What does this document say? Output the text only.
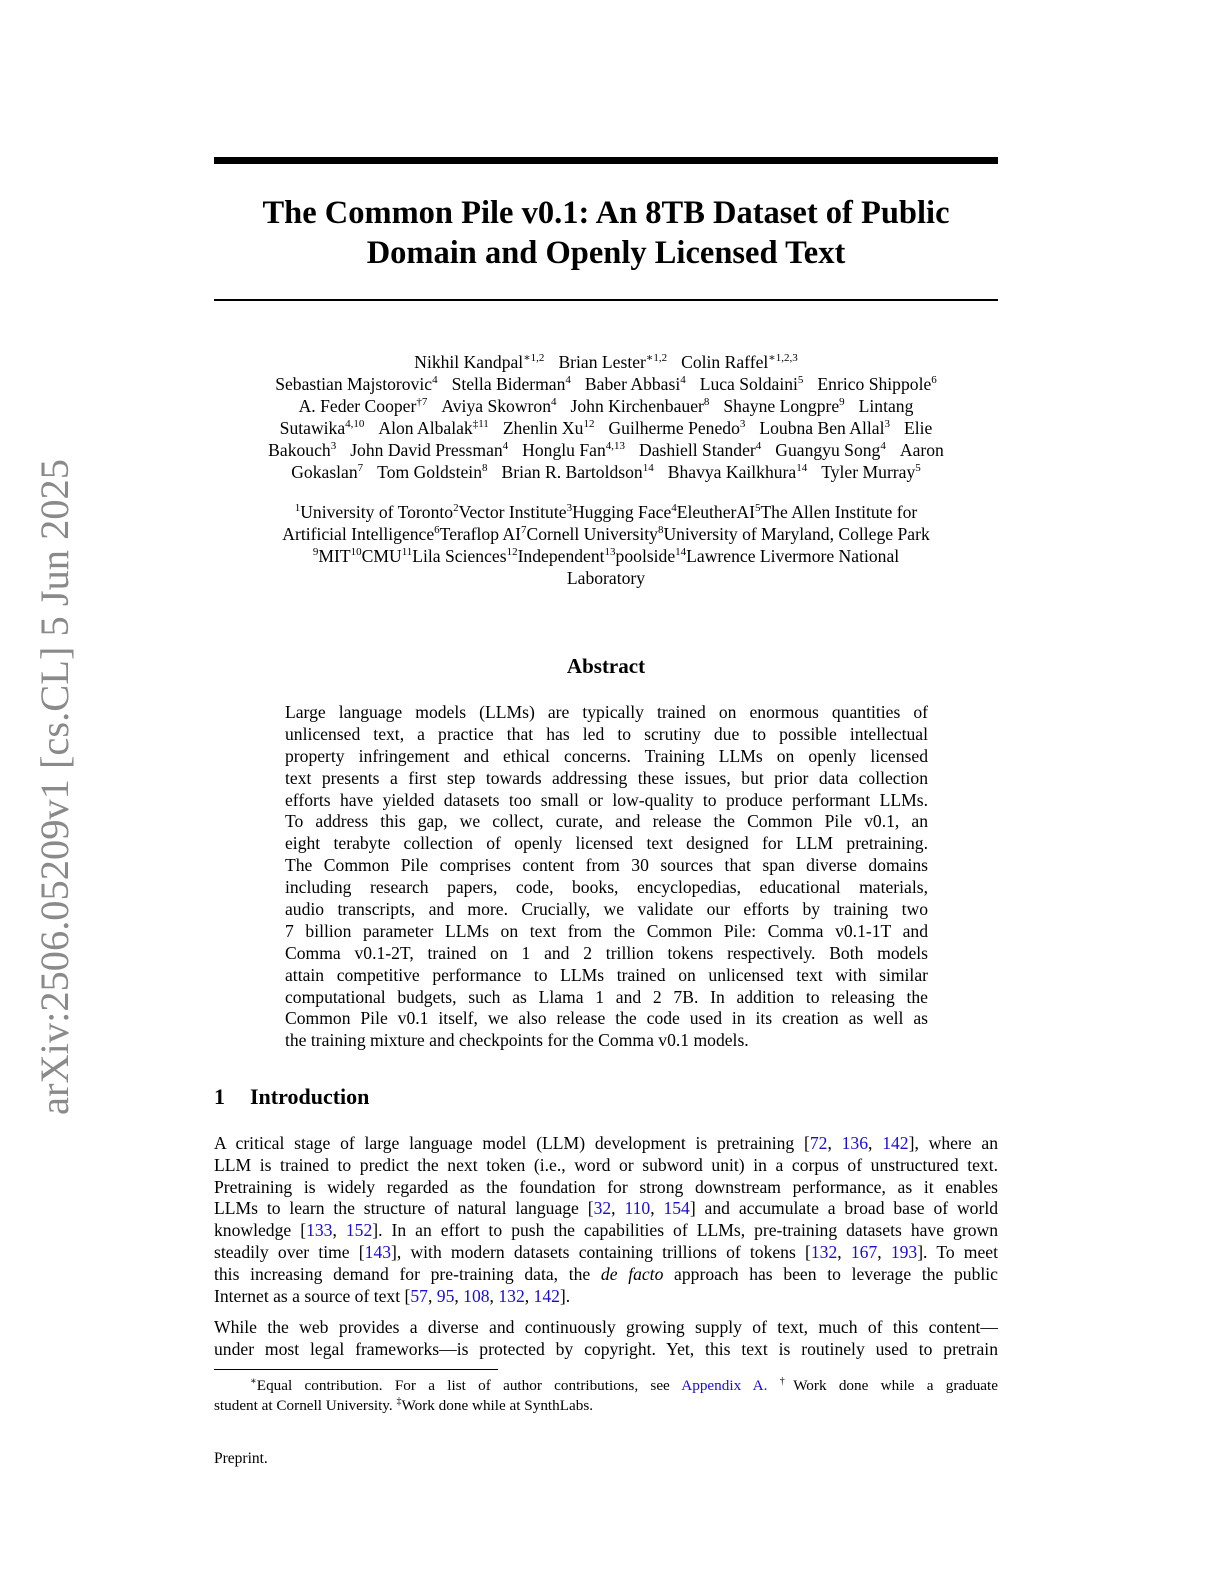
arXiv:2506.05209v1 [cs.CL] 5 Jun 2025
The Common Pile v0.1: An 8TB Dataset of Public
Domain and Openly Licensed Text
Nikhil Kandpal$^{∗1,2}$ Brian Lester$^{∗1,2}$ Colin Raffel$^{∗1,2,3}$
Sebastian Majstorovic$^4$ Stella Biderman$^4$ Baber Abbasi$^4$ Luca Soldaini$^5$ Enrico Shippole$^6$
A. Feder Cooper$^{\dagger 7}$ Aviya Skowron$^4$ John Kirchenbauer$^8$ Shayne Longpre$^9$ Lintang
Sutawika$^{4,10}$ Alon Albalak$^{\ddagger 11}$ Zhenlin Xu$^{12}$ Guilherme Penedo$^3$ Loubna Ben Allal$^3$ Elie
Bakouch$^3$ John David Pressman$^4$ Honglu Fan$^{4,13}$ Dashiell Stander$^4$ Guangyu Song$^4$ Aaron
Gokaslan$^7$ Tom Goldstein$^8$ Brian R. Bartoldson$^{14}$ Bhavya Kailkhura$^{14}$ Tyler Murray$^5$
$^1$University of Toronto$^2$Vector Institute$^3$Hugging Face$^4$EleutherAI$^5$The Allen Institute for
Artificial Intelligence$^6$Teraflop $AI^7Cornell$ University$^8$University of Maryland, College Park
$^9$MIT$^{10}$CMU$^{11}$Lila Sciences$^{12}$Independent$^{13}$poolside$^{14}$Lawrence Livermore National
Laboratory
Abstract
Large language models (LLMs) are typically trained on enormous quantities of
unlicensed text, a practice that has led to scrutiny due to possible intellectual
property infringement and ethical concerns. Training LLMs on openly licensed
text presents a first step towards addressing these issues, but prior data collection
efforts have yielded datasets too small or low-quality to produce performant LLMs.
To address this gap, we collect, curate, and release the Common Pile v0.1, an
eight terabyte collection of openly licensed text designed for LLM pretraining.
The Common Pile comprises content from 30 sources that span diverse domains
including research papers, code, books, encyclopedias, educational materials,
audio transcripts, and more. Crucially, we validate our efforts by training two
7 billion parameter LLMs on text from the Common Pile: Comma v0.1-1T and
Comma v0.1-2T, trained on 1 and 2 trillion tokens respectively. Both models
attain competitive performance to LLMs trained on unlicensed text with similar
computational budgets, such as Llama 1 and 2 7B. In addition to releasing the
Common Pile v0.1 itself, we also release the code used in its creation as well as
the training mixture and checkpoints for the Comma v0.1 models.
1 Introduction
A critical stage of large language model (LLM) development is pretraining [72, 136, 142], where an
LLM is trained to predict the next token (i.e., word or subword unit) in a corpus of unstructured text.
Pretraining is widely regarded as the foundation for strong downstream performance, as it enables
LLMs to learn the structure of natural language [32, 110, 154] and accumulate a broad base of world
knowledge [133, 152]. In an effort to push the capabilities of LLMs, pre-training datasets have grown
steadily over time [143], with modern datasets containing trillions of tokens [132, 167, 193]. To meet
this increasing demand for pre-training data, the de facto approach has been to leverage the public
Internet as a source of text [57, 95, 108, 132, 142].
While the web provides a diverse and continuously growing supply of text, much of this content—
under most legal frameworks—is protected by copyright. Yet, this text is routinely used to pretrain
∗Equal contribution. For a list of author contributions, see Appendix A. †Work done while a graduate
student at Cornell University. ‡Work done while at SynthLabs.
Preprint.
